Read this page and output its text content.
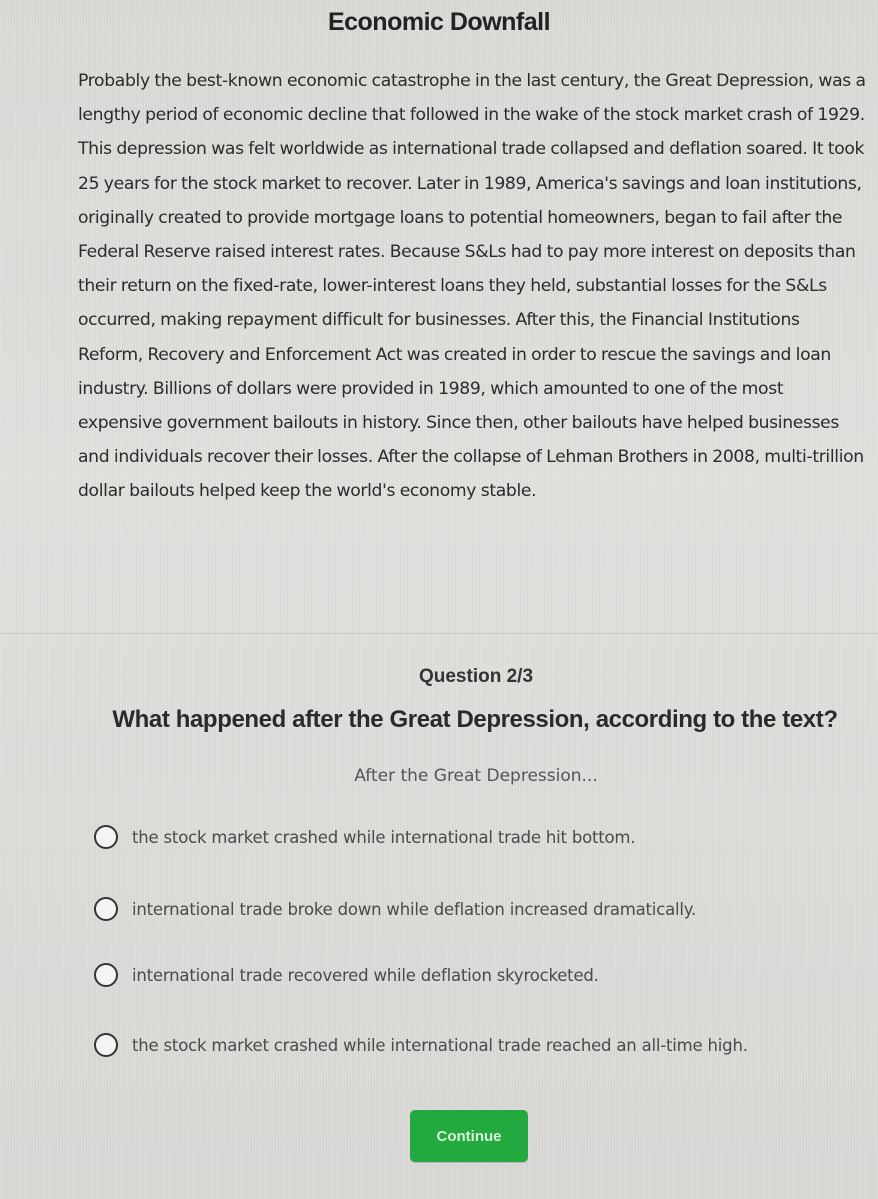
Economic Downfall
Probably the best-known economic catastrophe in the last century, the Great Depression, was a lengthy period of economic decline that followed in the wake of the stock market crash of 1929. This depression was felt worldwide as international trade collapsed and deflation soared. It took 25 years for the stock market to recover. Later in 1989, America's savings and loan institutions, originally created to provide mortgage loans to potential homeowners, began to fail after the Federal Reserve raised interest rates. Because S&Ls had to pay more interest on deposits than their return on the fixed-rate, lower-interest loans they held, substantial losses for the S&Ls occurred, making repayment difficult for businesses. After this, the Financial Institutions Reform, Recovery and Enforcement Act was created in order to rescue the savings and loan industry. Billions of dollars were provided in 1989, which amounted to one of the most expensive government bailouts in history. Since then, other bailouts have helped businesses and individuals recover their losses. After the collapse of Lehman Brothers in 2008, multi-trillion dollar bailouts helped keep the world's economy stable.
Question 2/3
What happened after the Great Depression, according to the text?
After the Great Depression...
the stock market crashed while international trade hit bottom.
international trade broke down while deflation increased dramatically.
international trade recovered while deflation skyrocketed.
the stock market crashed while international trade reached an all-time high.
Continue
